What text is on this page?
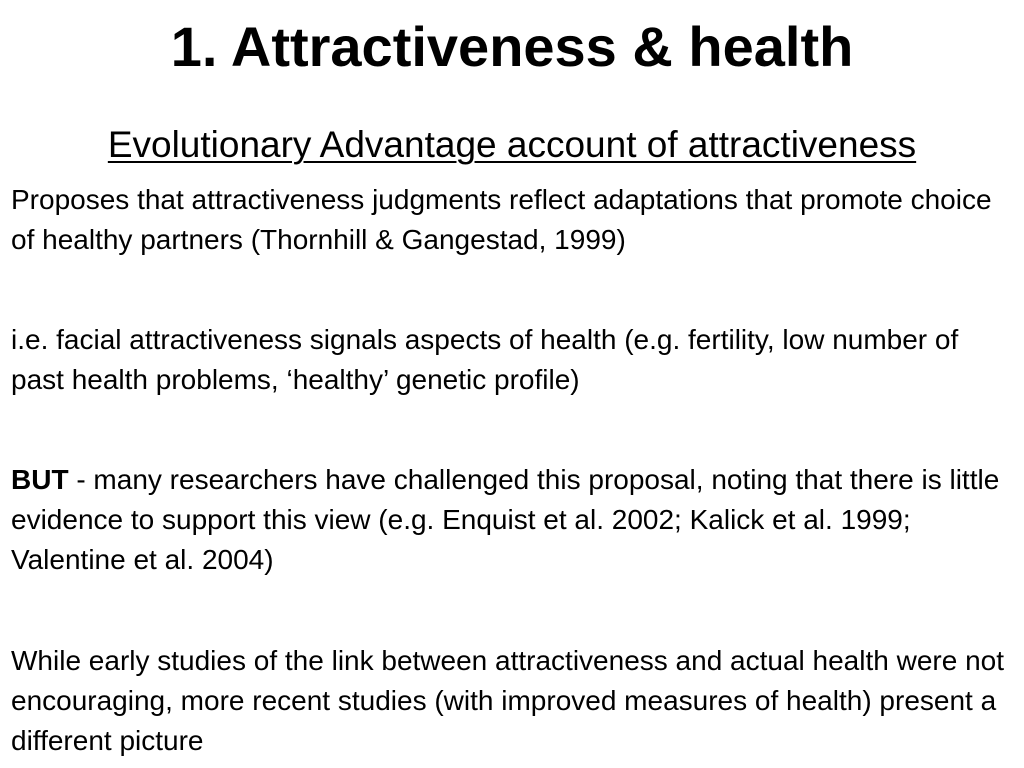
1. Attractiveness & health
Evolutionary Advantage account of attractiveness

Proposes that attractiveness judgments reflect adaptations that promote choice of healthy partners (Thornhill & Gangestad, 1999)

i.e. facial attractiveness signals aspects of health (e.g. fertility, low number of past health problems, ‘healthy’ genetic profile)

BUT - many researchers have challenged this proposal, noting that there is little evidence to support this view (e.g. Enquist et al. 2002; Kalick et al. 1999; Valentine et al. 2004)

While early studies of the link between attractiveness and actual health were not encouraging, more recent studies (with improved measures of health) present a different picture
